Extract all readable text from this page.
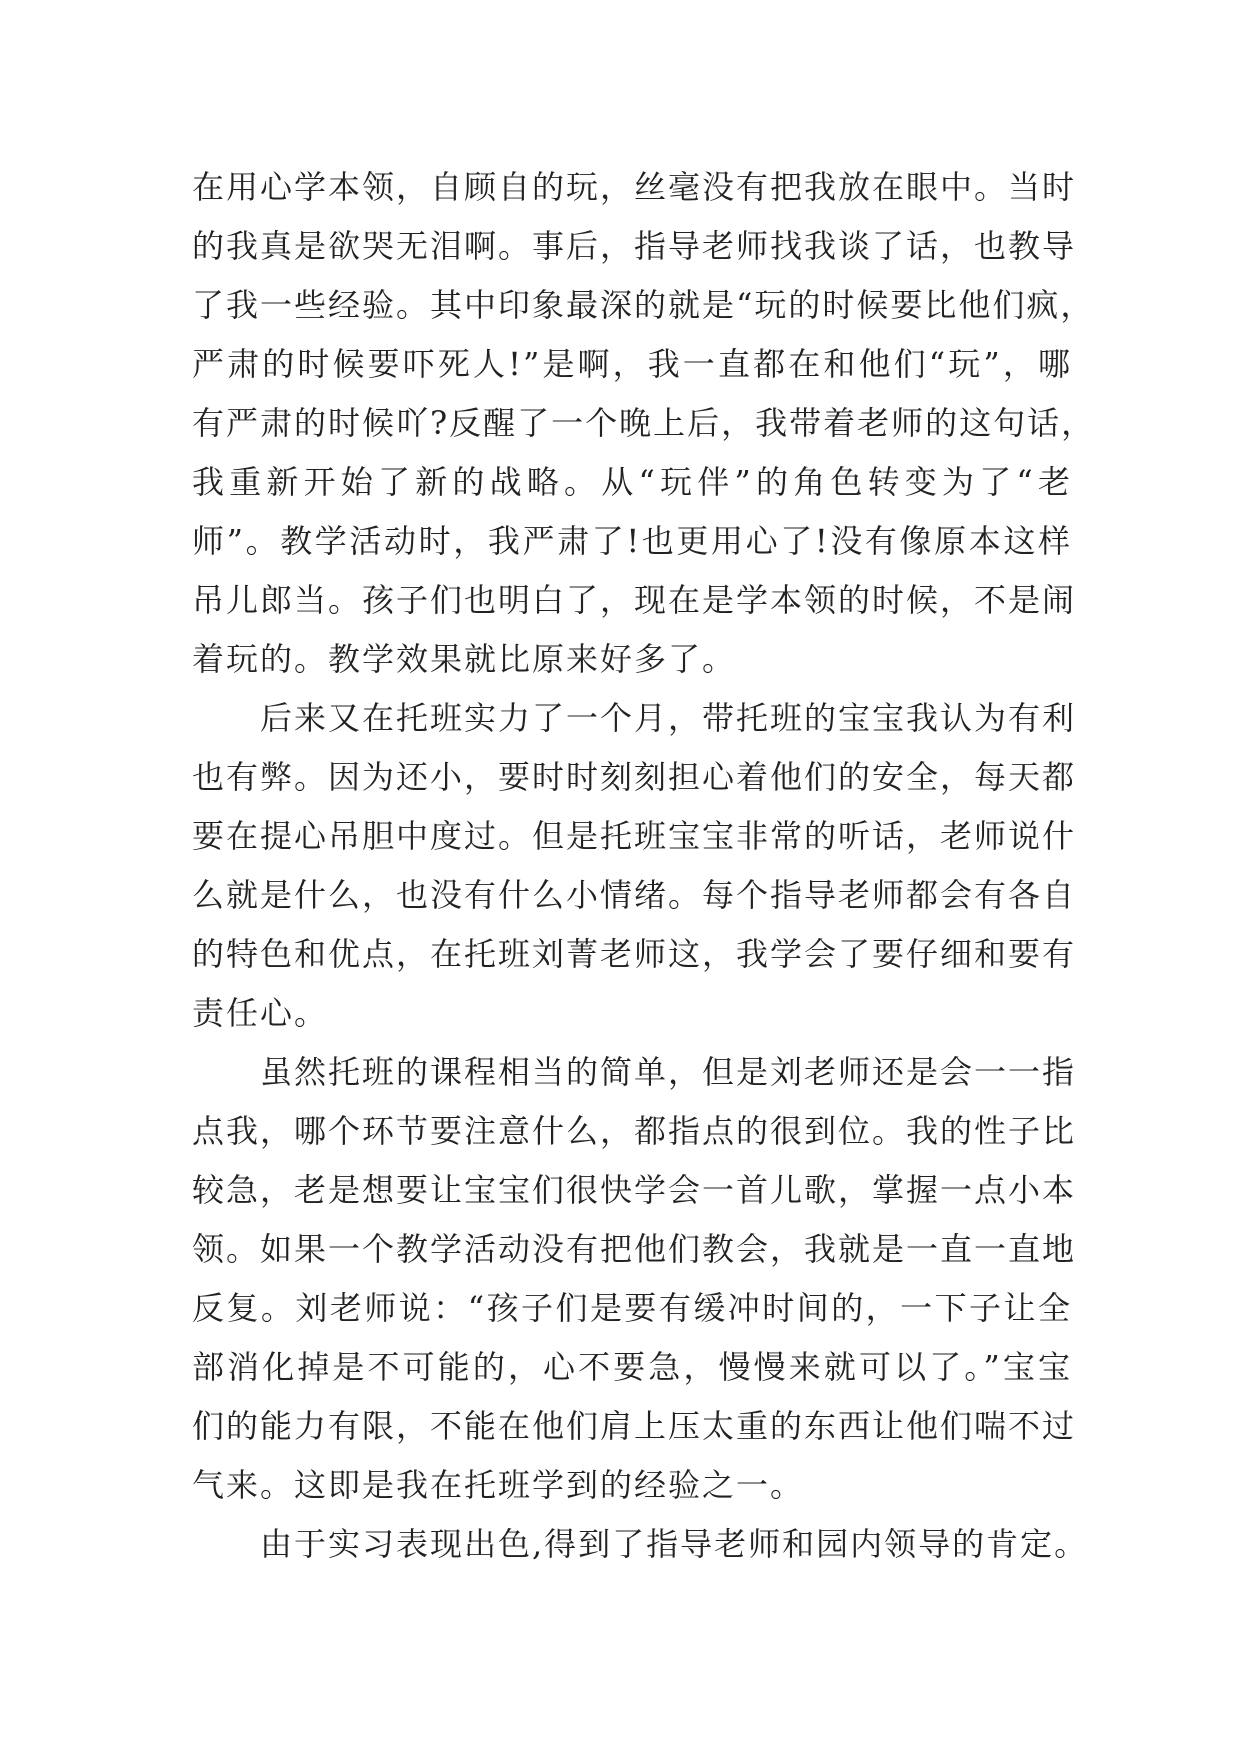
在用心学本领，自顾自的玩，丝毫没有把我放在眼中。当时
的我真是欲哭无泪啊。事后，指导老师找我谈了话，也教导
了我一些经验。其中印象最深的就是“玩的时候要比他们疯，
严肃的时候要吓死人!”是啊，我一直都在和他们“玩”，哪
有严肃的时候吖?反醒了一个晚上后，我带着老师的这句话，
我重新开始了新的战略。从“玩伴”的角色转变为了“老
师”。教学活动时，我严肃了!也更用心了!没有像原本这样
吊儿郎当。孩子们也明白了，现在是学本领的时候，不是闹
着玩的。教学效果就比原来好多了。
后来又在托班实力了一个月，带托班的宝宝我认为有利
也有弊。因为还小，要时时刻刻担心着他们的安全，每天都
要在提心吊胆中度过。但是托班宝宝非常的听话，老师说什
么就是什么，也没有什么小情绪。每个指导老师都会有各自
的特色和优点，在托班刘菁老师这，我学会了要仔细和要有
责任心。
虽然托班的课程相当的简单，但是刘老师还是会一一指
点我，哪个环节要注意什么，都指点的很到位。我的性子比
较急，老是想要让宝宝们很快学会一首儿歌，掌握一点小本
领。如果一个教学活动没有把他们教会，我就是一直一直地
反复。刘老师说：“孩子们是要有缓冲时间的，一下子让全
部消化掉是不可能的，心不要急，慢慢来就可以了。”宝宝
们的能力有限，不能在他们肩上压太重的东西让他们喘不过
气来。这即是我在托班学到的经验之一。
由于实习表现出色,得到了指导老师和园内领导的肯定。
